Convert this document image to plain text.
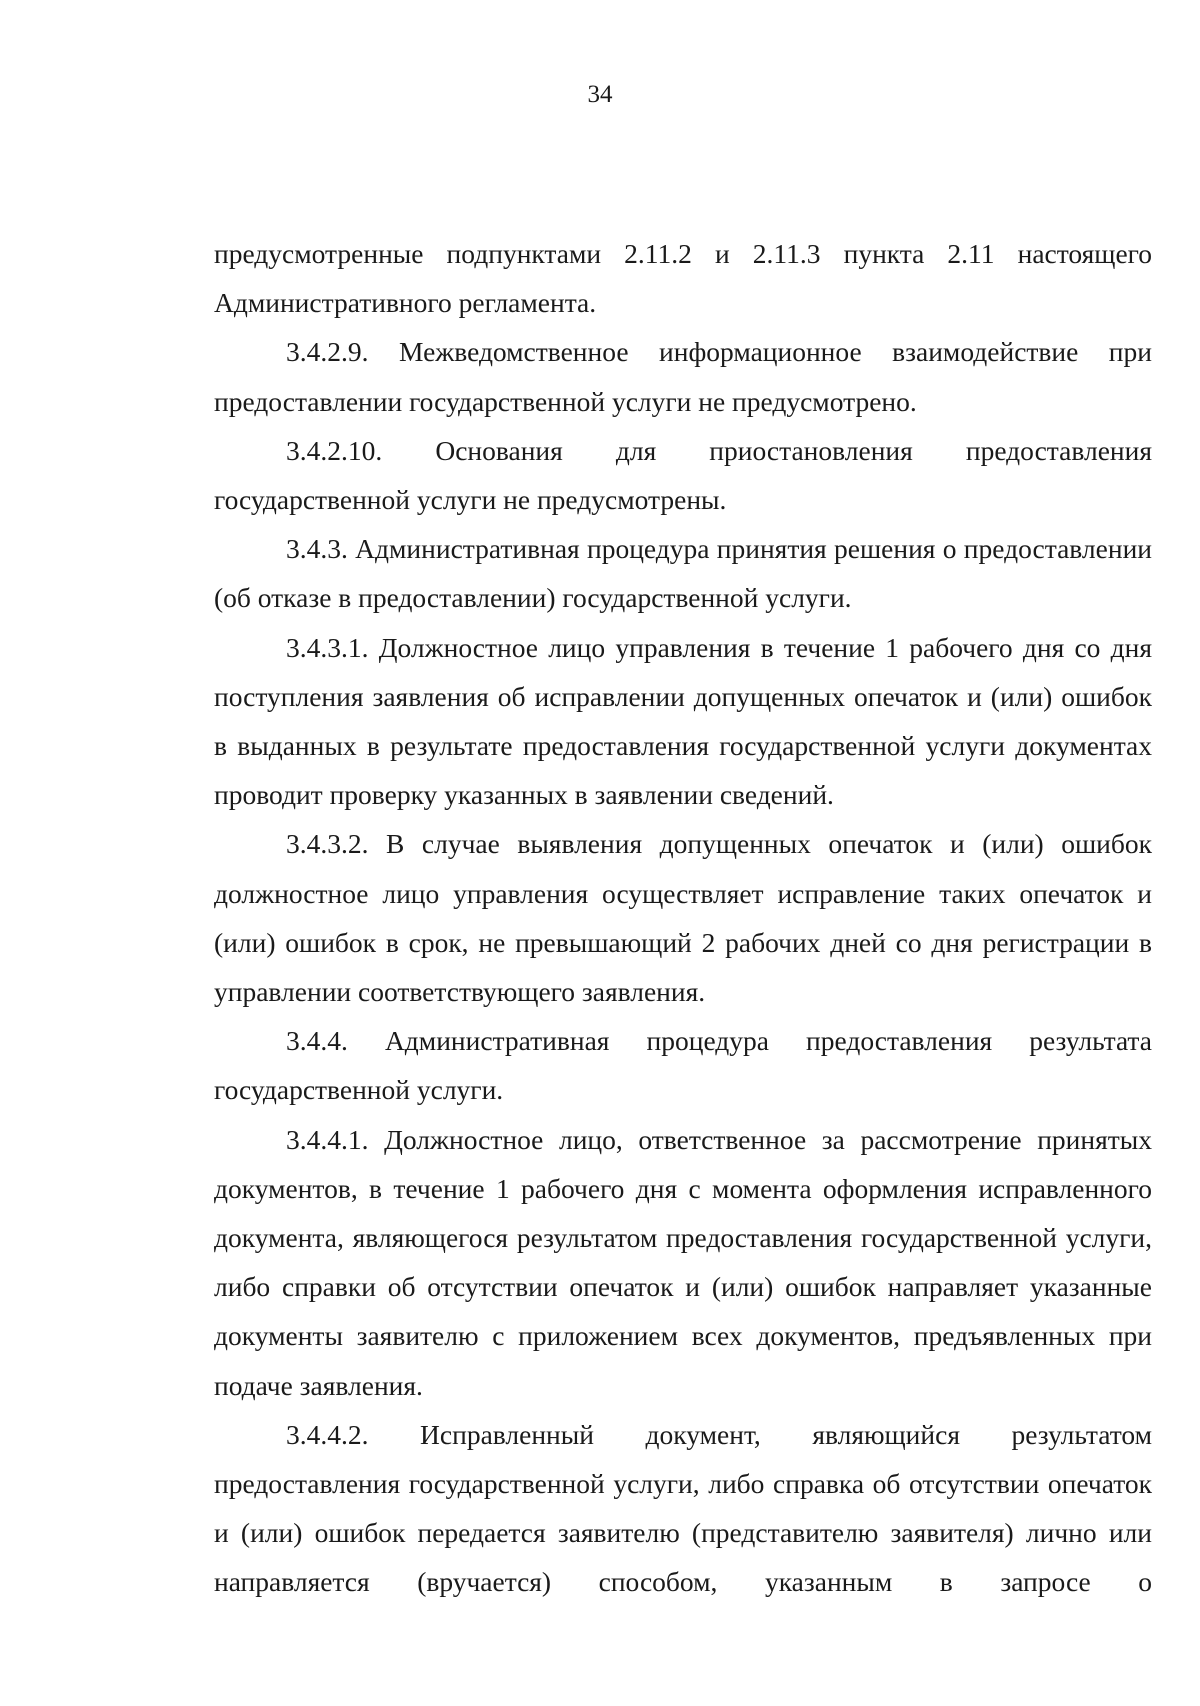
34

предусмотренные подпунктами 2.11.2 и 2.11.3 пункта 2.11 настоящего Административного регламента.

3.4.2.9. Межведомственное информационное взаимодействие при предоставлении государственной услуги не предусмотрено.

3.4.2.10. Основания для приостановления предоставления государственной услуги не предусмотрены.

3.4.3. Административная процедура принятия решения о предоставлении (об отказе в предоставлении) государственной услуги.

3.4.3.1. Должностное лицо управления в течение 1 рабочего дня со дня поступления заявления об исправлении допущенных опечаток и (или) ошибок в выданных в результате предоставления государственной услуги документах проводит проверку указанных в заявлении сведений.

3.4.3.2. В случае выявления допущенных опечаток и (или) ошибок должностное лицо управления осуществляет исправление таких опечаток и (или) ошибок в срок, не превышающий 2 рабочих дней со дня регистрации в управлении соответствующего заявления.

3.4.4. Административная процедура предоставления результата государственной услуги.

3.4.4.1. Должностное лицо, ответственное за рассмотрение принятых документов, в течение 1 рабочего дня с момента оформления исправленного документа, являющегося результатом предоставления государственной услуги, либо справки об отсутствии опечаток и (или) ошибок направляет указанные документы заявителю с приложением всех документов, предъявленных при подаче заявления.

3.4.4.2. Исправленный документ, являющийся результатом предоставления государственной услуги, либо справка об отсутствии опечаток и (или) ошибок передается заявителю (представителю заявителя) лично или направляется (вручается) способом, указанным в запросе о
